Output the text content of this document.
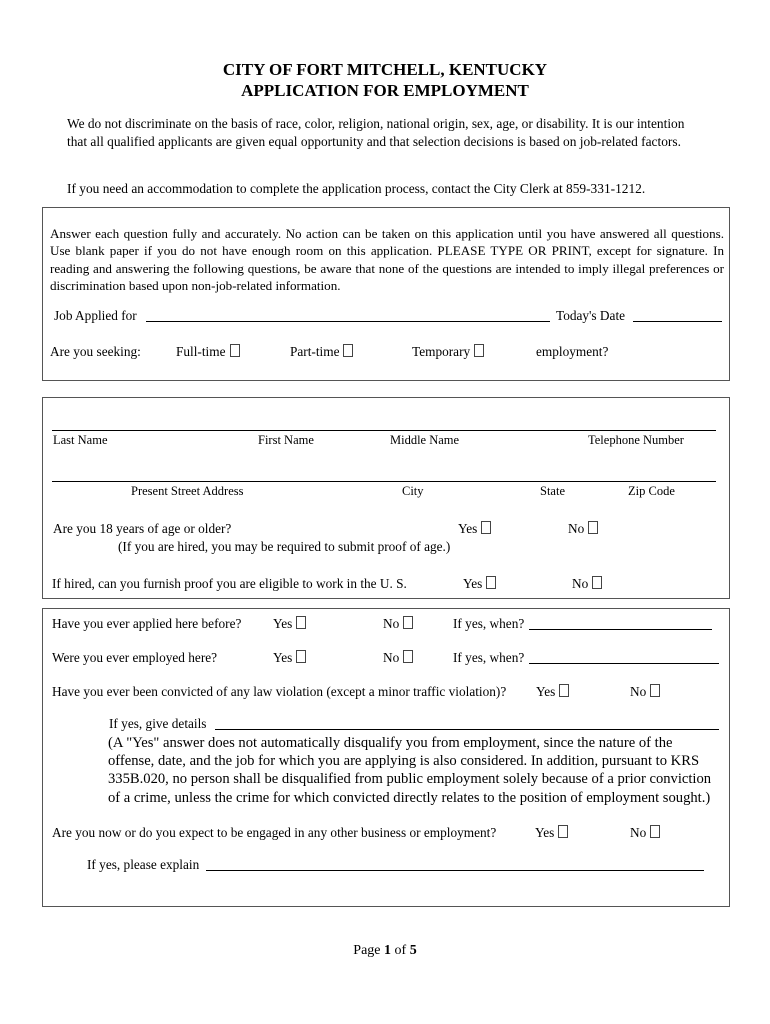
CITY OF FORT MITCHELL, KENTUCKY
APPLICATION FOR EMPLOYMENT
We do not discriminate on the basis of race, color, religion, national origin, sex, age, or disability. It is our intention that all qualified applicants are given equal opportunity and that selection decisions is based on job-related factors.
If you need an accommodation to complete the application process, contact the City Clerk at 859-331-1212.
Answer each question fully and accurately. No action can be taken on this application until you have answered all questions. Use blank paper if you do not have enough room on this application. PLEASE TYPE OR PRINT, except for signature. In reading and answering the following questions, be aware that none of the questions are intended to imply illegal preferences or discrimination based upon non-job-related information.
Job Applied for	Today's Date
Are you seeking:	Full-time	Part-time	Temporary	employment?
Last Name	First Name	Middle Name	Telephone Number
Present Street Address	City	State	Zip Code
Are you 18 years of age or older?	Yes	No
(If you are hired, you may be required to submit proof of age.)
If hired, can you furnish proof you are eligible to work in the U. S.	Yes	No
Have you ever applied here before? Yes	No	If yes, when?
Were you ever employed here?	Yes	No	If yes, when?
Have you ever been convicted of any law violation (except a minor traffic violation)? Yes	No
If yes, give details
(A "Yes" answer does not automatically disqualify you from employment, since the nature of the offense, date, and the job for which you are applying is also considered. In addition, pursuant to KRS 335B.020, no person shall be disqualified from public employment solely because of a prior conviction of a crime, unless the crime for which convicted directly relates to the position of employment sought.)
Are you now or do you expect to be engaged in any other business or employment?	Yes	No
If yes, please explain
Page 1 of 5
